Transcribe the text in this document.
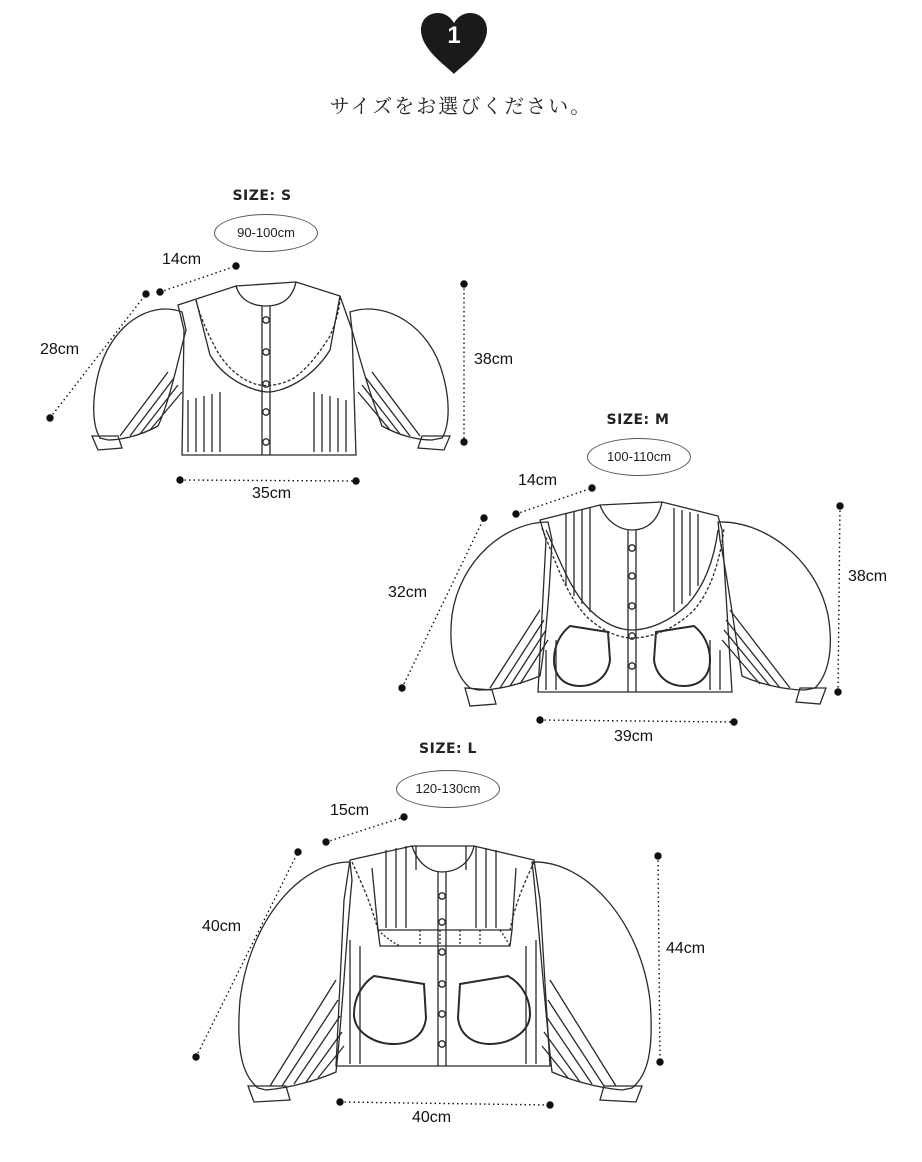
1
サイズをお選びください。
SIZE: S
90-100cm
14cm
28cm
38cm
35cm
SIZE: M
100-110cm
14cm
32cm
38cm
39cm
SIZE: L
120-130cm
15cm
40cm
44cm
40cm
